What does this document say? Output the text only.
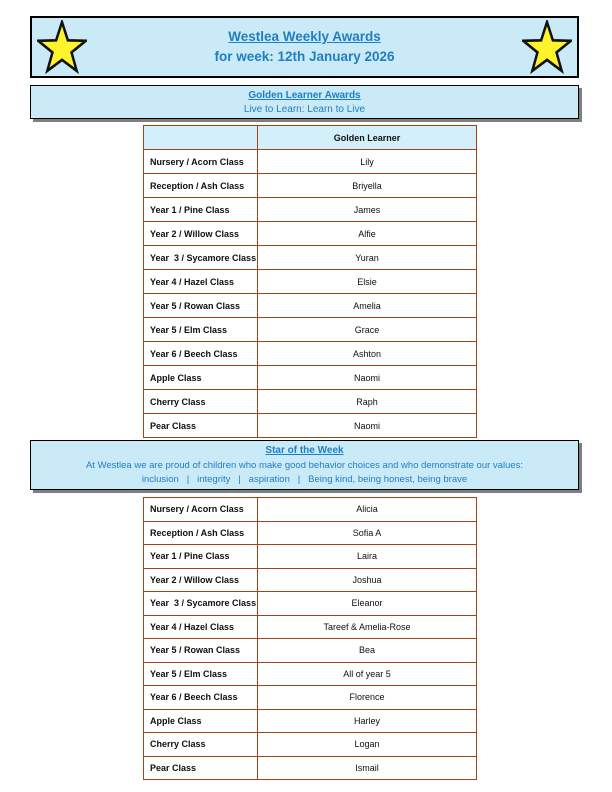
Westlea Weekly Awards
for week: 12th January 2026
Golden Learner Awards
Live to Learn: Learn to Live
	Golden Learner
Nursery / Acorn Class	Lily
Reception / Ash Class	Briyella
Year 1 / Pine Class	James
Year 2 / Willow Class	Alfie
Year  3 / Sycamore Class	Yuran
Year 4 / Hazel Class	Elsie
Year 5 / Rowan Class	Amelia
Year 5 / Elm Class	Grace
Year 6 / Beech Class	Ashton
Apple Class	Naomi
Cherry Class	Raph
Pear Class	Naomi
Star of the Week
At Westlea we are proud of children who make good behavior choices and who demonstrate our values:
inclusion   |   integrity   |   aspiration   |   Being kind, being honest, being brave
Nursery / Acorn Class	Alicia
Reception / Ash Class	Sofia A
Year 1 / Pine Class	Laira
Year 2 / Willow Class	Joshua
Year  3 / Sycamore Class	Eleanor
Year 4 / Hazel Class	Tareef & Amelia-Rose
Year 5 / Rowan Class	Bea
Year 5 / Elm Class	All of year 5
Year 6 / Beech Class	Florence
Apple Class	Harley
Cherry Class	Logan
Pear Class	Ismail
